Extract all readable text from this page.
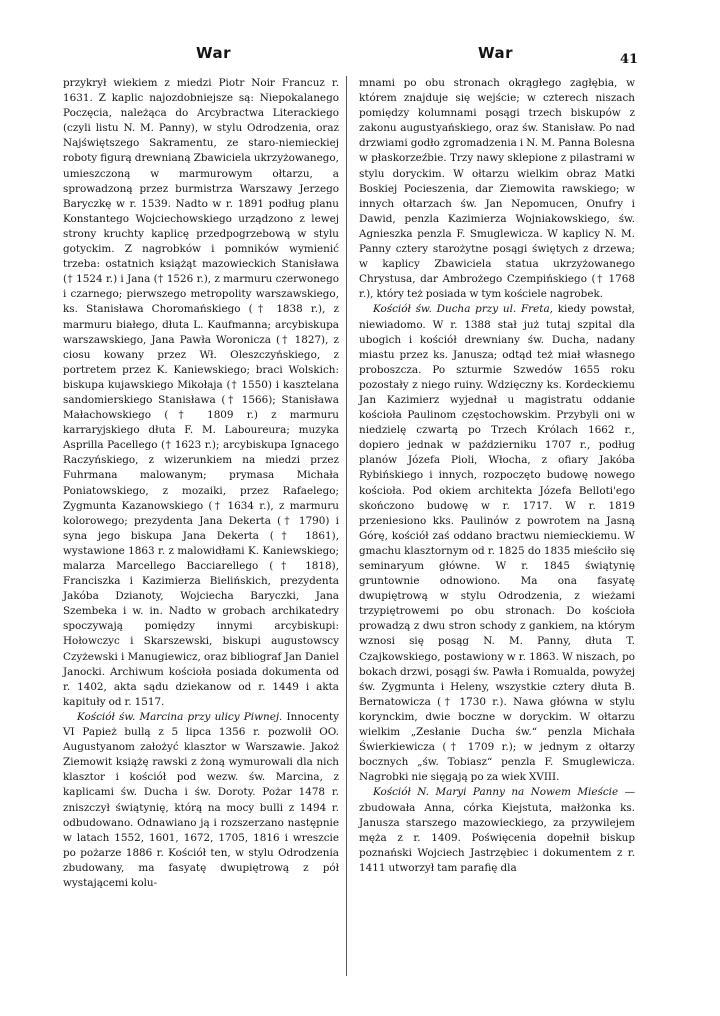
War	War	41

przykrył wiekiem z miedzi Piotr Noir Francuz r. 1631. Z kaplic najozdobniejsze są: Niepokalanego Poczęcia, należąca do Arcybractwa Literackiego (czyli listu N. M. Panny), w stylu Odrodzenia, oraz Najświętszego Sakramentu, ze staro-niemieckiej roboty figurą drewnianą Zbawiciela ukrzyżowanego, umieszczoną w marmurowym ołtarzu, a sprowadzoną przez burmistrza Warszawy Jerzego Baryczkę w r. 1539. Nadto w r. 1891 podług planu Konstantego Wojciechowskiego urządzono z lewej strony kruchty kaplicę przedpogrzebową w stylu gotyckim. Z nagrobków i pomników wymienić trzeba: ostatnich książąt mazowieckich Stanisława († 1524 r.) i Jana († 1526 r.), z marmuru czerwonego i czarnego; pierwszego metropolity warszawskiego, ks. Stanisława Choromańskiego († 1838 r.), z marmuru białego, dłuta L. Kaufmanna; arcybiskupa warszawskiego, Jana Pawła Woronicza († 1827), z ciosu kowany przez Wł. Oleszczyńskiego, z portretem przez K. Kaniewskiego; braci Wolskich: biskupa kujawskiego Mikołaja († 1550) i kasztelana sandomierskiego Stanisława († 1566); Stanisława Małachowskiego († 1809 r.) z marmuru karraryjskiego dłuta F. M. Laboureura; muzyka Asprilla Pacellego († 1623 r.); arcybiskupa Ignacego Raczyńskiego, z wizerunkiem na miedzi przez Fuhrmana malowanym; prymasa Michała Poniatowskiego, z mozaiki, przez Rafaelego; Zygmunta Kazanowskiego († 1634 r.), z marmuru kolorowego; prezydenta Jana Dekerta († 1790) i syna jego biskupa Jana Dekerta († 1861), wystawione 1863 r. z malowidłami K. Kaniewskiego; malarza Marcellego Bacciarellego († 1818), Franciszka i Kazimierza Bielińskich, prezydenta Jakóba Dzianoty, Wojciecha Baryczki, Jana Szembeka i w. in. Nadto w grobach archikatedry spoczywają pomiędzy innymi arcybiskupi: Hołowczyc i Skarszewski, biskupi augustowscy Czyżewski i Manugiewicz, oraz bibliograf Jan Daniel Janocki. Archiwum kościoła posiada dokumenta od r. 1402, akta sądu dziekanow od r. 1449 i akta kapituły od r. 1517.

Kościół św. Marcina przy ulicy Piwnej. Innocenty VI Papież bullą z 5 lipca 1356 r. pozwolił OO. Augustyanom założyć klasztor w Warszawie. Jakoż Ziemowit książę rawski z żoną wymurowali dla nich klasztor i kościół pod wezw. św. Marcina, z kaplicami św. Ducha i św. Doroty. Pożar 1478 r. zniszczył świątynię, którą na mocy bulli z 1494 r. odbudowano. Odnawiano ją i rozszerzano następnie w latach 1552, 1601, 1672, 1705, 1816 i wreszcie po pożarze 1886 r. Kościół ten, w stylu Odrodzenia zbudowany, ma fasyatę dwupiętrową z pół wystającemi kolu-

mnami po obu stronach okrągłego zagłębia, w którem znajduje się wejście; w czterech niszach pomiędzy kolumnami posągi trzech biskupów z zakonu augustyańskiego, oraz św. Stanisław. Po nad drzwiami godło zgromadzenia i N. M. Panna Bolesna w płaskorzeźbie. Trzy nawy sklepione z pilastrami w stylu doryckim. W ołtarzu wielkim obraz Matki Boskiej Pocieszenia, dar Ziemowita rawskiego; w innych ołtarzach św. Jan Nepomucen, Onufry i Dawid, penzla Kazimierza Wojniakowskiego, św. Agnieszka penzla F. Smuglewicza. W kaplicy N. M. Panny cztery starożytne posągi świętych z drzewa; w kaplicy Zbawiciela statua ukrzyżowanego Chrystusa, dar Ambrożego Czempińskiego († 1768 r.), który też posiada w tym kościele nagrobek.

Kościół św. Ducha przy ul. Freta, kiedy powstał, niewiadomo. W r. 1388 stał już tutaj szpital dla ubogich i kościół drewniany św. Ducha, nadany miastu przez ks. Janusza; odtąd też miał własnego proboszcza. Po szturmie Szwedów 1655 roku pozostały z niego ruiny. Wdzięczny ks. Kordeckiemu Jan Kazimierz wyjednał u magistratu oddanie kościoła Paulinom częstochowskim. Przybyli oni w niedzielę czwartą po Trzech Królach 1662 r., dopiero jednak w październiku 1707 r., podług planów Józefa Pioli, Włocha, z ofiary Jakóba Rybińskiego i innych, rozpoczęto budowę nowego kościoła. Pod okiem architekta Józefa Belloti'ego skończono budowę w r. 1717. W r. 1819 przeniesiono kks. Paulinów z powrotem na Jasną Górę, kościół zaś oddano bractwu niemieckiemu. W gmachu klasztornym od r. 1825 do 1835 mieściło się seminaryum główne. W r. 1845 świątynię gruntownie odnowiono. Ma ona fasyatę dwupiętrową w stylu Odrodzenia, z wieżami trzypiętrowemi po obu stronach. Do kościoła prowadzą z dwu stron schody z gankiem, na którym wznosi się posąg N. M. Panny, dłuta T. Czajkowskiego, postawiony w r. 1863. W niszach, po bokach drzwi, posągi św. Pawła i Romualda, powyżej św. Zygmunta i Heleny, wszystkie cztery dłuta B. Bernatowicza († 1730 r.). Nawa główna w stylu korynckim, dwie boczne w doryckim. W ołtarzu wielkim „Zesłanie Ducha św.“ penzla Michała Świerkiewicza († 1709 r.); w jednym z ołtarzy bocznych „św. Tobiasz“ penzla F. Smuglewicza. Nagrobki nie sięgają po za wiek XVIII.

Kościół N. Maryi Panny na Nowem Mieście — zbudowała Anna, córka Kiejstuta, małżonka ks. Janusza starszego mazowieckiego, za przywilejem męża z r. 1409. Poświęcenia dopełnił biskup poznański Wojciech Jastrzębiec i dokumentem z r. 1411 utworzył tam parafię dla
